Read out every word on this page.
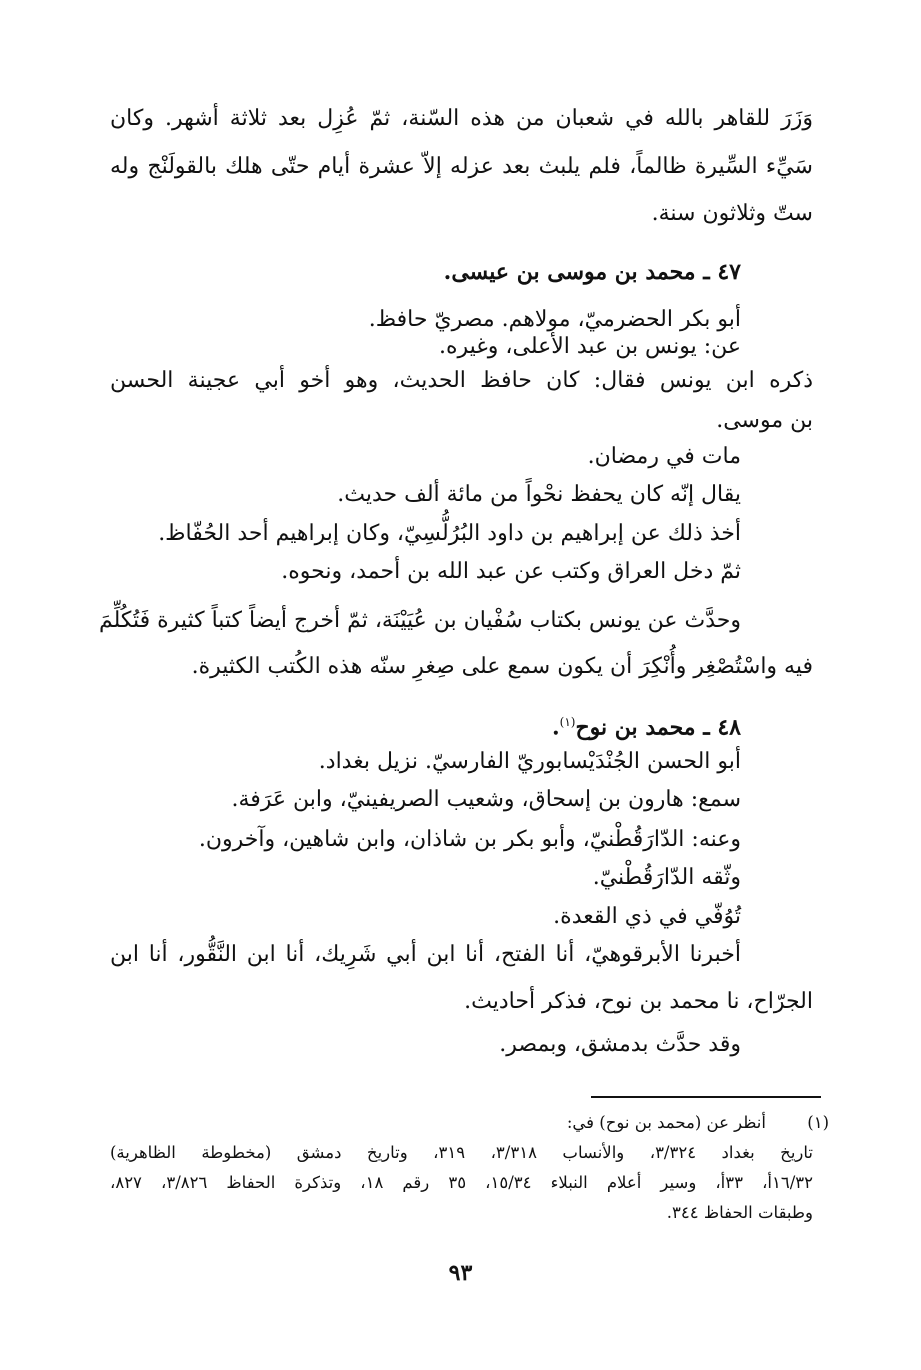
وَزَرَ للقاهر بالله في شعبان من هذه السّنة، ثمّ عُزِل بعد ثلاثة أشهر. وكان
سَيِّء السِّيرة ظالماً، فلم يلبث بعد عزله إلاّ عشرة أيام حتّى هلك بالقولَنْج وله
ستّ وثلاثون سنة.
٤٧ ـ محمد بن موسى بن عيسى.
أبو بكر الحضرميّ، مولاهم. مصريّ حافظ.
عن: يونس بن عبد الأعلى، وغيره.
ذكره ابن يونس فقال: كان حافظ الحديث، وهو أخو أبي عجينة الحسن
بن موسى.
مات في رمضان.
يقال إنّه كان يحفظ نحْواً من مائة ألف حديث.
أخذ ذلك عن إبراهيم بن داود البُرُلُّسِيّ، وكان إبراهيم أحد الحُفّاظ.
ثمّ دخل العراق وكتب عن عبد الله بن أحمد، ونحوه.
وحدَّث عن يونس بكتاب سُفْيان بن عُيَيْنَة، ثمّ أخرج أيضاً كتباً كثيرة فَتُكُلِّمَ
فيه واسْتُصْغِر وأُنْكِرَ أن يكون سمع على صِغرِ سنّه هذه الكُتب الكثيرة.
٤٨ ـ محمد بن نوح$^{(١)}$.
أبو الحسن الجُنْدَيْسابوريّ الفارسيّ. نزيل بغداد.
سمع: هارون بن إسحاق، وشعيب الصريفينيّ، وابن عَرَفة.
وعنه: الدّارَقُطْنيّ، وأبو بكر بن شاذان، وابن شاهين، وآخرون.
وثّقه الدّارَقُطْنيّ.
تُوُفّي في ذي القعدة.
أخبرنا الأبرقوهيّ، أنا الفتح، أنا ابن أبي شَرِيك، أنا ابن النَّقُّور، أنا ابن
الجرّاح، نا محمد بن نوح، فذكر أحاديث.
وقد حدَّث بدمشق، وبمصر.
(١)
أنظر عن (محمد بن نوح) في:
تاريخ بغداد ٣/٣٢٤، والأنساب ٣/٣١٨، ٣١٩، وتاريخ دمشق (مخطوطة الظاهرية)
١٦/٣٢أ، ٣٣أ، وسير أعلام النبلاء ١٥/٣٤، ٣٥ رقم ١٨، وتذكرة الحفاظ ٣/٨٢٦، ٨٢٧،
وطبقات الحفاظ ٣٤٤.
٩٣
